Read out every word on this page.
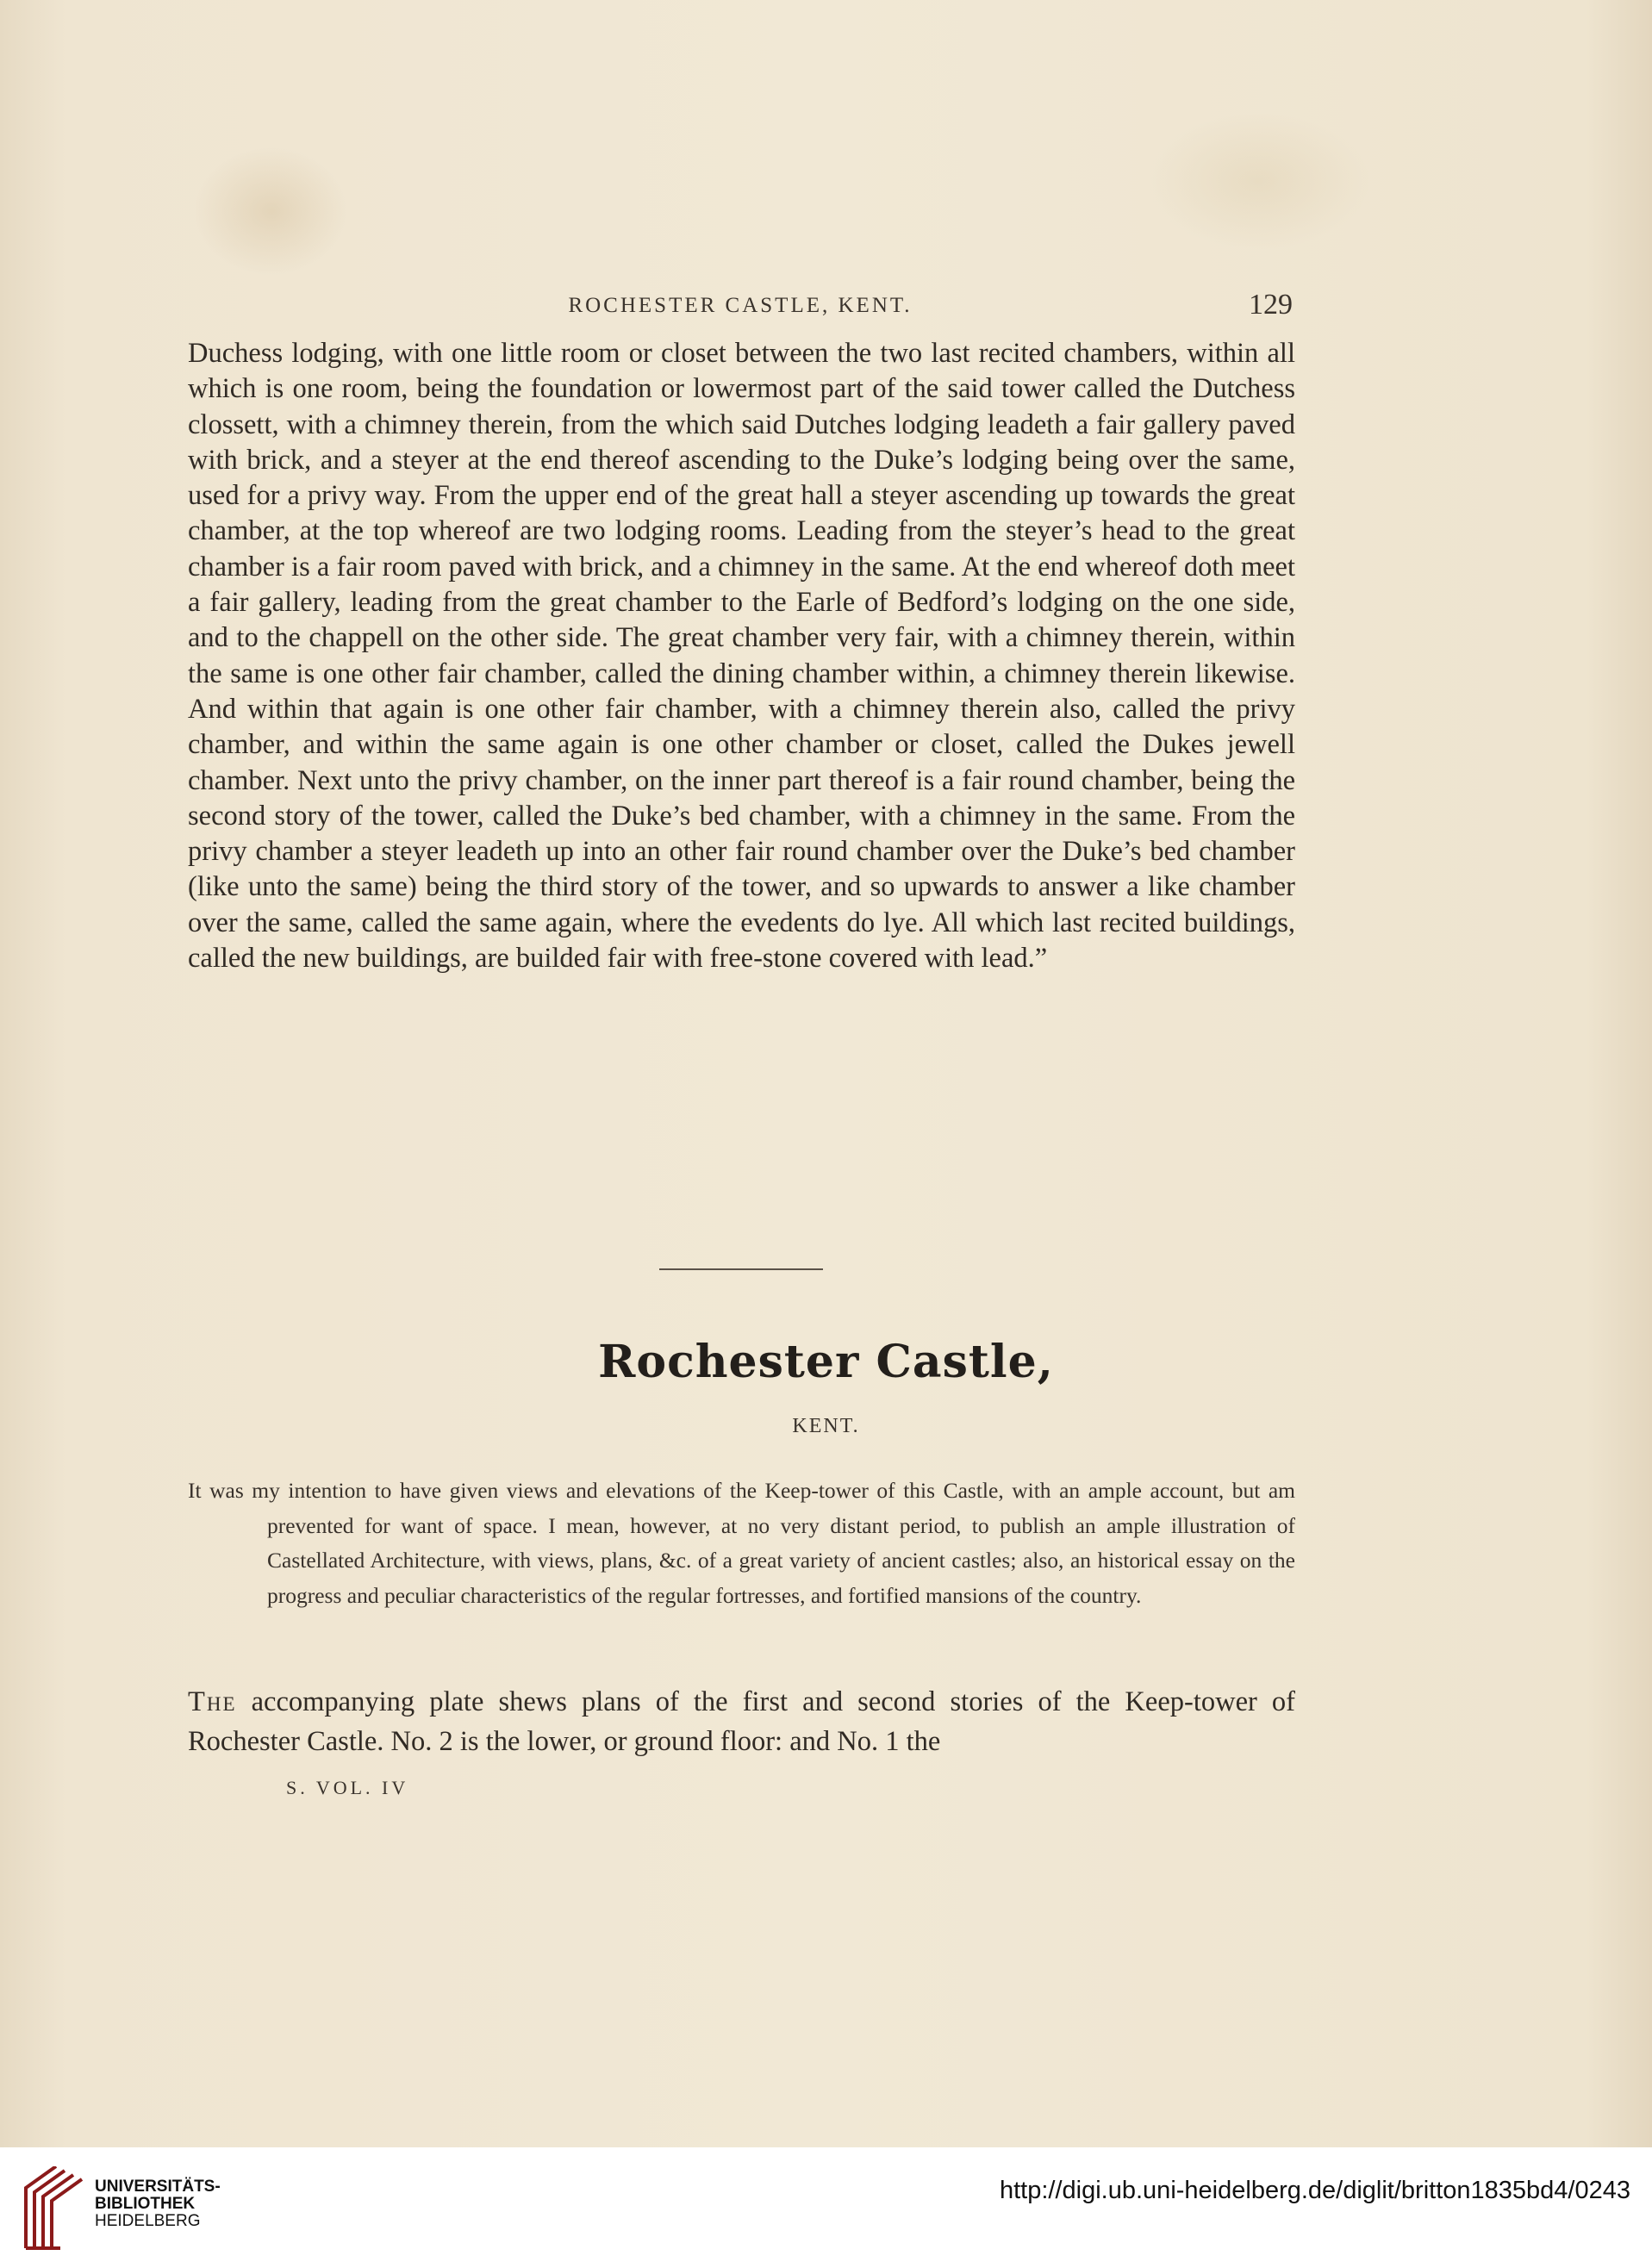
ROCHESTER CASTLE, KENT.	129

Duchess lodging, with one little room or closet between the two last recited chambers, within all which is one room, being the foundation or lowermost part of the said tower called the Dutchess clossett, with a chimney therein, from the which said Dutches lodging leadeth a fair gallery paved with brick, and a steyer at the end thereof ascending to the Duke’s lodging being over the same, used for a privy way. From the upper end of the great hall a steyer ascending up towards the great chamber, at the top whereof are two lodging rooms. Leading from the steyer’s head to the great chamber is a fair room paved with brick, and a chimney in the same. At the end whereof doth meet a fair gallery, leading from the great chamber to the Earle of Bedford’s lodging on the one side, and to the chappell on the other side. The great chamber very fair, with a chimney therein, within the same is one other fair chamber, called the dining chamber within, a chimney therein likewise. And within that again is one other fair chamber, with a chimney therein also, called the privy chamber, and within the same again is one other chamber or closet, called the Dukes jewell chamber. Next unto the privy chamber, on the inner part thereof is a fair round chamber, being the second story of the tower, called the Duke’s bed chamber, with a chimney in the same. From the privy chamber a steyer leadeth up into an other fair round chamber over the Duke’s bed chamber (like unto the same) being the third story of the tower, and so upwards to answer a like chamber over the same, called the same again, where the evedents do lye. All which last recited buildings, called the new buildings, are builded fair with free-stone covered with lead.”

Rochester Castle,
KENT.

It was my intention to have given views and elevations of the Keep-tower of this Castle, with an ample account, but am prevented for want of space. I mean, however, at no very distant period, to publish an ample illustration of Castellated Architecture, with views, plans, &c. of a great variety of ancient castles; also, an historical essay on the progress and peculiar characteristics of the regular fortresses, and fortified mansions of the country.

The accompanying plate shews plans of the first and second stories of the Keep-tower of Rochester Castle. No. 2 is the lower, or ground floor: and No. 1 the

S. VOL. IV
UNIVERSITÄTS-
BIBLIOTHEK
HEIDELBERG
http://digi.ub.uni-heidelberg.de/diglit/britton1835bd4/0243
